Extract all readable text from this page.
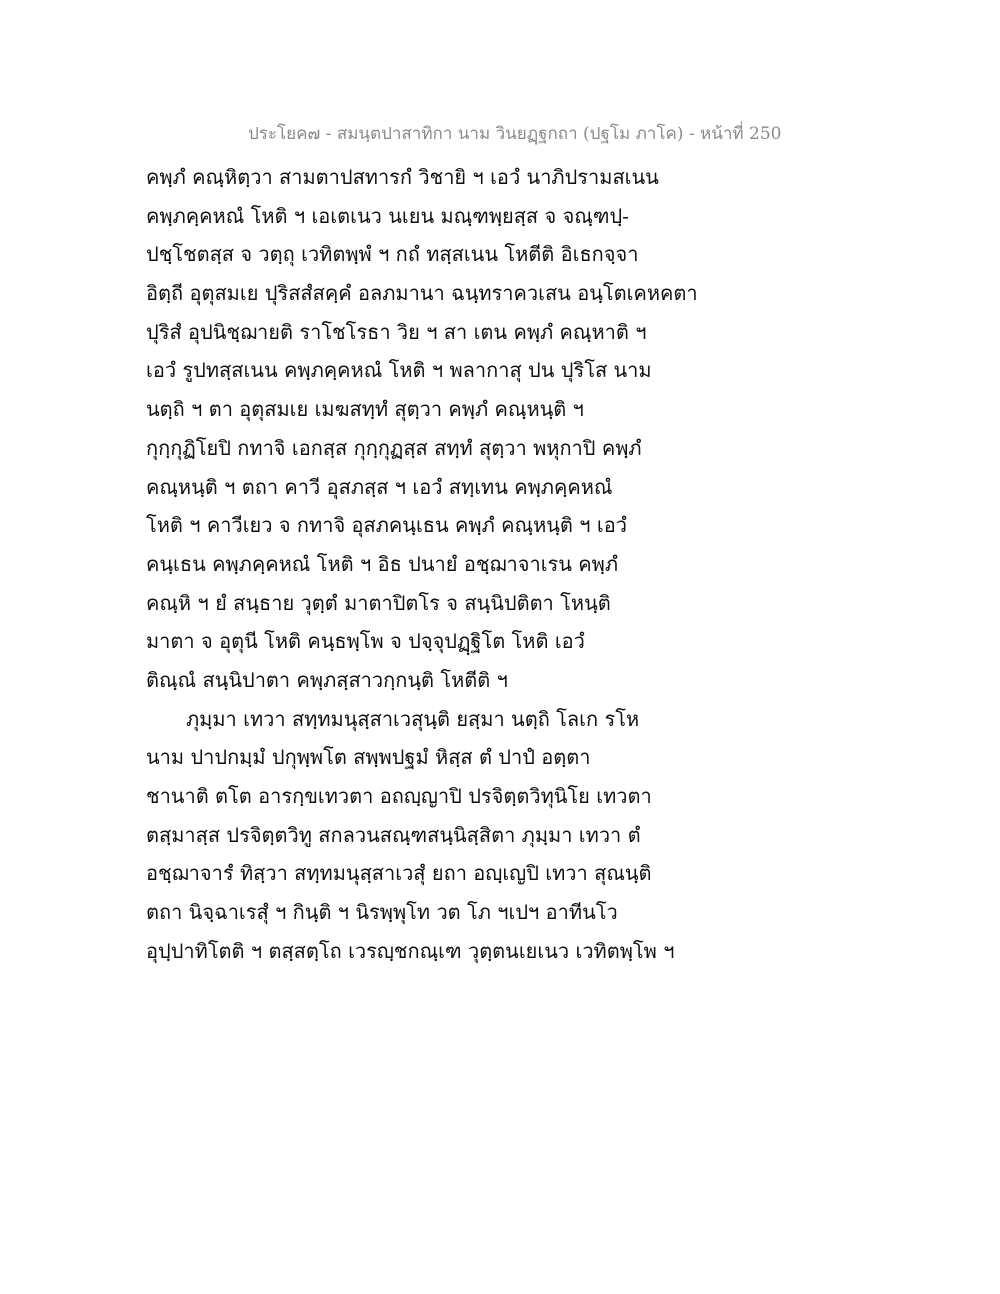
ประโยค๗ - สมนฺตปาสาทิกา นาม วินยฏฺฐกถา (ปฐโม ภาโค) - หน้าที่ 250
คพฺภํ คณฺหิตฺวา สามตาปสทารกํ วิชายิ ฯ เอวํ นาภิปรามสเนน
คพฺภคฺคหณํ โหติ ฯ เอเตเนว นเยน มณฺฑพฺยสฺส จ จณฺฑปฺ-
ปชฺโชตสฺส จ วตฺถุ เวทิตพฺพํ ฯ กถํ ทสฺสเนน โหตีติ อิเธกจฺจา
อิตฺถี อุตุสมเย ปุริสสํสคฺคํ อลภมานา ฉนฺทราควเสน อนฺโตเคหคตา
ปุริสํ อุปนิชฺฌายติ ราโชโรธา วิย ฯ สา เตน คพฺภํ คณฺหาติ ฯ
เอวํ รูปทสฺสเนน คพฺภคฺคหณํ โหติ ฯ พลากาสุ ปน ปุริโส นาม
นตฺถิ ฯ ตา อุตุสมเย เมฆสทฺทํ สุตฺวา คพฺภํ คณฺหนฺติ ฯ
กุกฺกุฏิโยปิ กทาจิ เอกสฺส กุกฺกุฏสฺส สทฺทํ สุตฺวา พหุกาปิ คพฺภํ
คณฺหนฺติ ฯ ตถา คาวี อุสภสฺส ฯ เอวํ สทฺเทน คพฺภคฺคหณํ
โหติ ฯ คาวีเยว จ กทาจิ อุสภคนฺเธน คพฺภํ คณฺหนฺติ ฯ เอวํ
คนฺเธน คพฺภคฺคหณํ โหติ ฯ อิธ ปนายํ อชฺฌาจาเรน คพฺภํ
คณฺหิ ฯ ยํ สนฺธาย วุตฺตํ มาตาปิตโร จ สนฺนิปติตา โหนฺติ
มาตา จ อุตุนี โหติ คนฺธพฺโพ จ ปจฺจุปฏฺฐิโต โหติ เอวํ
ติณฺณํ สนฺนิปาตา คพฺภสฺสาวกฺกนฺติ โหตีติ ฯ
ภุมฺมา เทวา สทฺทมนุสฺสาเวสุนฺติ ยสฺมา นตฺถิ โลเก รโห
นาม ปาปกมฺมํ ปกุพฺพโต สพฺพปฐมํ หิสฺส ตํ ปาปํ อตฺตา
ชานาติ ตโต อารกฺขเทวตา อถญฺญาปิ ปรจิตฺตวิทุนิโย เทวตา
ตสฺมาสฺส ปรจิตฺตวิทู สกลวนสณฺฑสนฺนิสฺสิตา ภุมฺมา เทวา ตํ
อชฺฌาจารํ ทิสฺวา สทฺทมนุสฺสาเวสุํ ยถา อญฺเญปิ เทวา สุณนฺติ
ตถา นิจฺฉาเรสุํ ฯ กินฺติ ฯ นิรพฺพุโท วต โภ ฯเปฯ อาทีนโว
อุปฺปาทิโตติ ฯ ตสฺสตฺโถ เวรญฺชกณฺเฑ วุตฺตนเยเนว เวทิตพฺโพ ฯ
